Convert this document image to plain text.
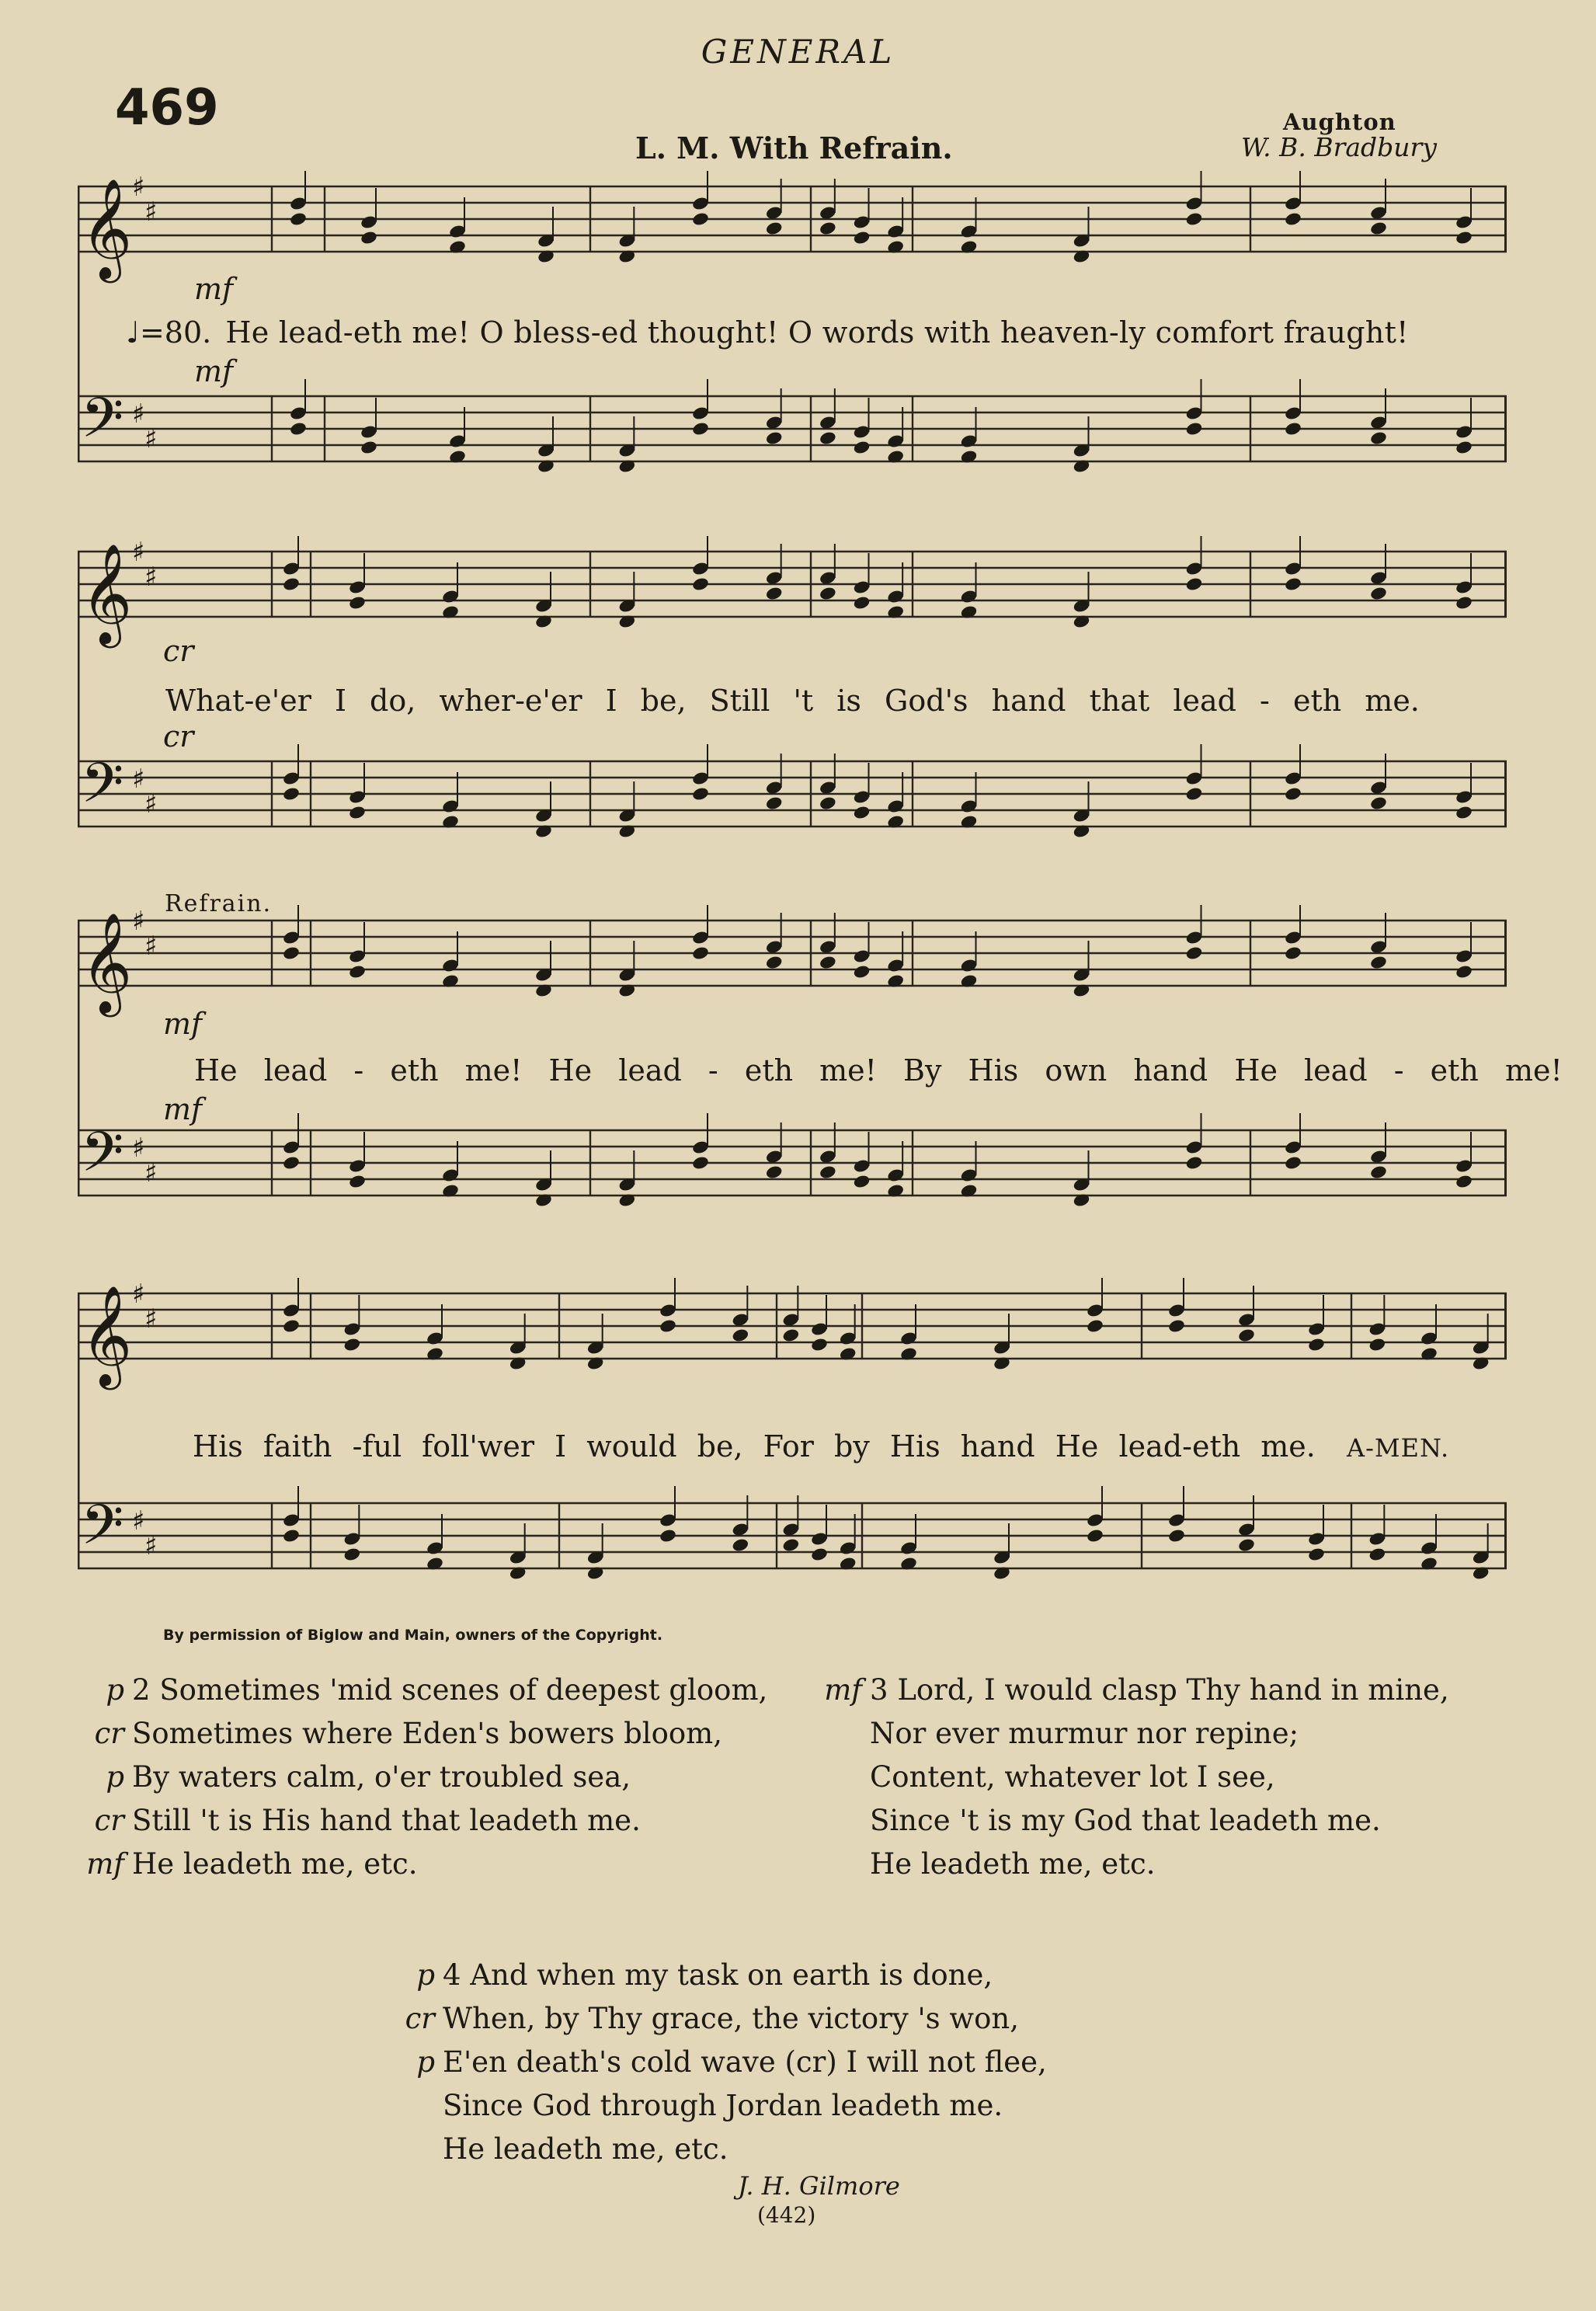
GENERAL
469
L. M. With Refrain.
Aughton
W. B. Bradbury
𝄞 ♯
♯
𝄢 ♯
♯
mf
mf
♩=80. He lead-eth me! O bless-ed thought! O words with heaven-ly comfort fraught!
𝄞 ♯
♯
𝄢 ♯
♯
cr
cr
What-e'er I do, wher-e'er I be, Still 't is God's hand that lead - eth me.
Refrain.
𝄞 ♯
♯
𝄢 ♯
♯
mf
mf
He lead - eth me! He lead - eth me! By His own hand He lead - eth me!
𝄞 ♯
♯
𝄢 ♯
♯
His faith -ful foll'wer I would be, For by His hand He lead-eth me. A-MEN.
By permission of Biglow and Main, owners of the Copyright.
p 2 Sometimes 'mid scenes of deepest gloom,
cr Sometimes where Eden's bowers bloom,
p By waters calm, o'er troubled sea,
cr Still 't is His hand that leadeth me.
mf He leadeth me, etc.
mf 3 Lord, I would clasp Thy hand in mine,
Nor ever murmur nor repine;
Content, whatever lot I see,
Since 't is my God that leadeth me.
He leadeth me, etc.
p 4 And when my task on earth is done,
cr When, by Thy grace, the victory 's won,
p E'en death's cold wave (cr) I will not flee,
Since God through Jordan leadeth me.
He leadeth me, etc.
J. H. Gilmore
(442)
